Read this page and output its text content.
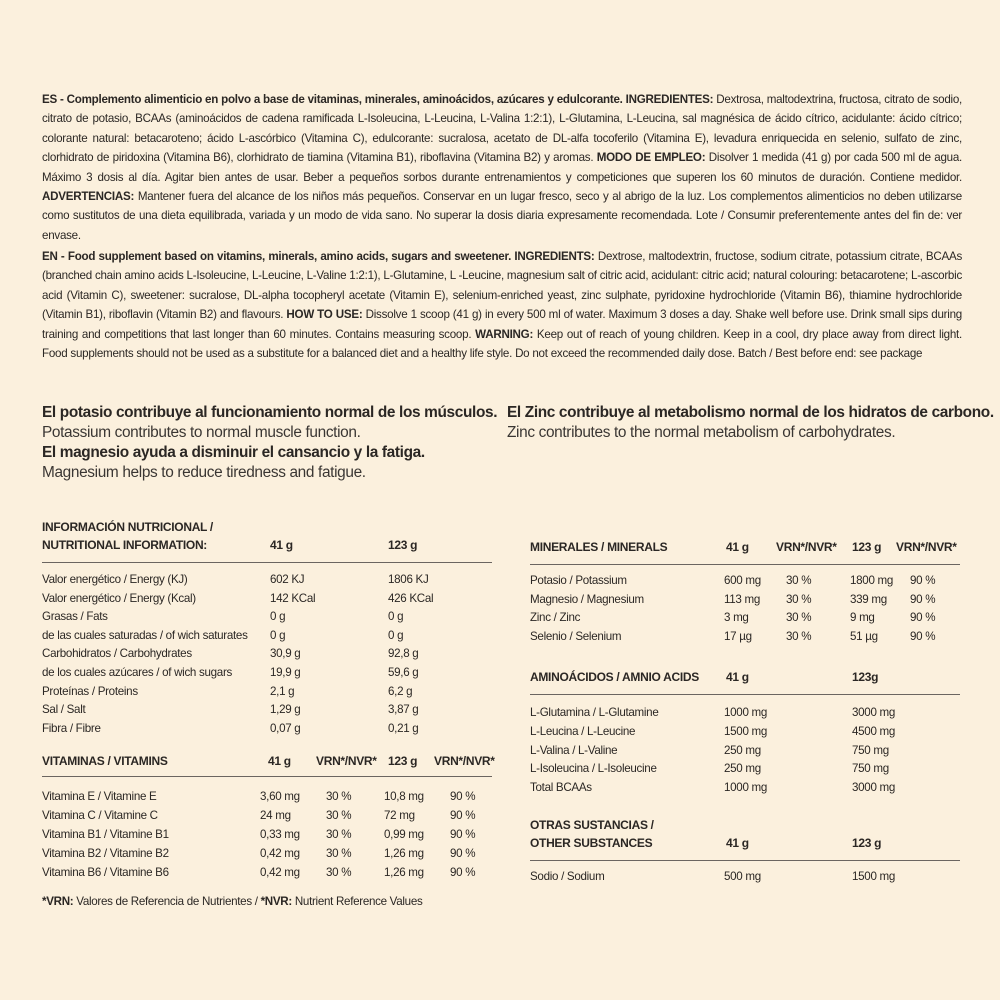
ES - Complemento alimenticio en polvo a base de vitaminas, minerales, aminoácidos, azúcares y edulcorante. INGREDIENTES: Dextrosa, maltodextrina, fructosa, citrato de sodio, citrato de potasio, BCAAs (aminoácidos de cadena ramificada L-Isoleucina, L-Leucina, L-Valina 1:2:1), L-Glutamina, L-Leucina, sal magnésica de ácido cítrico, acidulante: ácido cítrico; colorante natural: betacaroteno; ácido L-ascórbico (Vitamina C), edulcorante: sucralosa, acetato de DL-alfa tocoferilo (Vitamina E), levadura enriquecida en selenio, sulfato de zinc, clorhidrato de piridoxina (Vitamina B6), clorhidrato de tiamina (Vitamina B1), riboflavina (Vitamina B2) y aromas. MODO DE EMPLEO: Disolver 1 medida (41 g) por cada 500 ml de agua. Máximo 3 dosis al día. Agitar bien antes de usar. Beber a pequeños sorbos durante entrenamientos y competiciones que superen los 60 minutos de duración. Contiene medidor. ADVERTENCIAS: Mantener fuera del alcance de los niños más pequeños. Conservar en un lugar fresco, seco y al abrigo de la luz. Los complementos alimenticios no deben utilizarse como sustitutos de una dieta equilibrada, variada y un modo de vida sano. No superar la dosis diaria expresamente recomendada. Lote / Consumir preferentemente antes del fin de: ver envase.
EN - Food supplement based on vitamins, minerals, amino acids, sugars and sweetener. INGREDIENTS: Dextrose, maltodextrin, fructose, sodium citrate, potassium citrate, BCAAs (branched chain amino acids L-Isoleucine, L-Leucine, L-Valine 1:2:1), L-Glutamine, L -Leucine, magnesium salt of citric acid, acidulant: citric acid; natural colouring: betacarotene; L-ascorbic acid (Vitamin C), sweetener: sucralose, DL-alpha tocopheryl acetate (Vitamin E), selenium-enriched yeast, zinc sulphate, pyridoxine hydrochloride (Vitamin B6), thiamine hydrochloride (Vitamin B1), riboflavin (Vitamin B2) and flavours. HOW TO USE: Dissolve 1 scoop (41 g) in every 500 ml of water. Maximum 3 doses a day. Shake well before use. Drink small sips during training and competitions that last longer than 60 minutes. Contains measuring scoop. WARNING: Keep out of reach of young children. Keep in a cool, dry place away from direct light. Food supplements should not be used as a substitute for a balanced diet and a healthy life style. Do not exceed the recommended daily dose. Batch / Best before end: see package
El potasio contribuye al funcionamiento normal de los músculos.
Potassium contributes to normal muscle function.
El magnesio ayuda a disminuir el cansancio y la fatiga.
Magnesium helps to reduce tiredness and fatigue.
El Zinc contribuye al metabolismo normal de los hidratos de carbono.
Zinc contributes to the normal metabolism of carbohydrates.
INFORMACIÓN NUTRICIONAL /
NUTRITIONAL INFORMATION:	41 g	123 g
Valor energético / Energy (KJ)	602 KJ	1806 KJ
Valor energético / Energy (Kcal)	142 KCal	426 KCal
Grasas / Fats	0 g	0 g
de las cuales saturadas / of wich saturates 0 g	0 g
Carbohidratos / Carbohydrates	30,9 g	92,8 g
de los cuales azúcares / of wich sugars	19,9 g	59,6 g
Proteínas / Proteins	2,1 g	6,2 g
Sal / Salt	1,29 g	3,87 g
Fibra / Fibre	0,07 g	0,21 g
VITAMINAS / VITAMINS	41 g VRN*/NVR* 123 g VRN*/NVR*
Vitamina E / Vitamine E	3,60 mg 30 %	10,8 mg 90 %
Vitamina C / Vitamine C	24 mg	30 %	72 mg	90 %
Vitamina B1 / Vitamine B1	0,33 mg 30 %	0,99 mg 90 %
Vitamina B2 / Vitamine B2	0,42 mg 30 %	1,26 mg 90 %
Vitamina B6 / Vitamine B6	0,42 mg 30 %	1,26 mg 90 %
*VRN: Valores de Referencia de Nutrientes / *NVR: Nutrient Reference Values
MINERALES / MINERALS	41 g VRN*/NVR* 123 g VRN*/NVR*
Potasio / Potassium	600 mg 30 %	1800 mg 90 %
Magnesio / Magnesium	113 mg 30 %	339 mg 90 %
Zinc / Zinc	3 mg	30 %	9 mg	90 %
Selenio / Selenium	17 µg	30 %	51 µg	90 %
AMINOÁCIDOS / AMNIO ACIDS 41 g	123g
L-Glutamina / L-Glutamine	1000 mg	3000 mg
L-Leucina / L-Leucine	1500 mg	4500 mg
L-Valina / L-Valine	250 mg	750 mg
L-Isoleucina / L-Isoleucine	250 mg	750 mg
Total BCAAs	1000 mg	3000 mg
OTRAS SUSTANCIAS /
OTHER SUBSTANCES	41 g	123 g
Sodio / Sodium	500 mg	1500 mg
